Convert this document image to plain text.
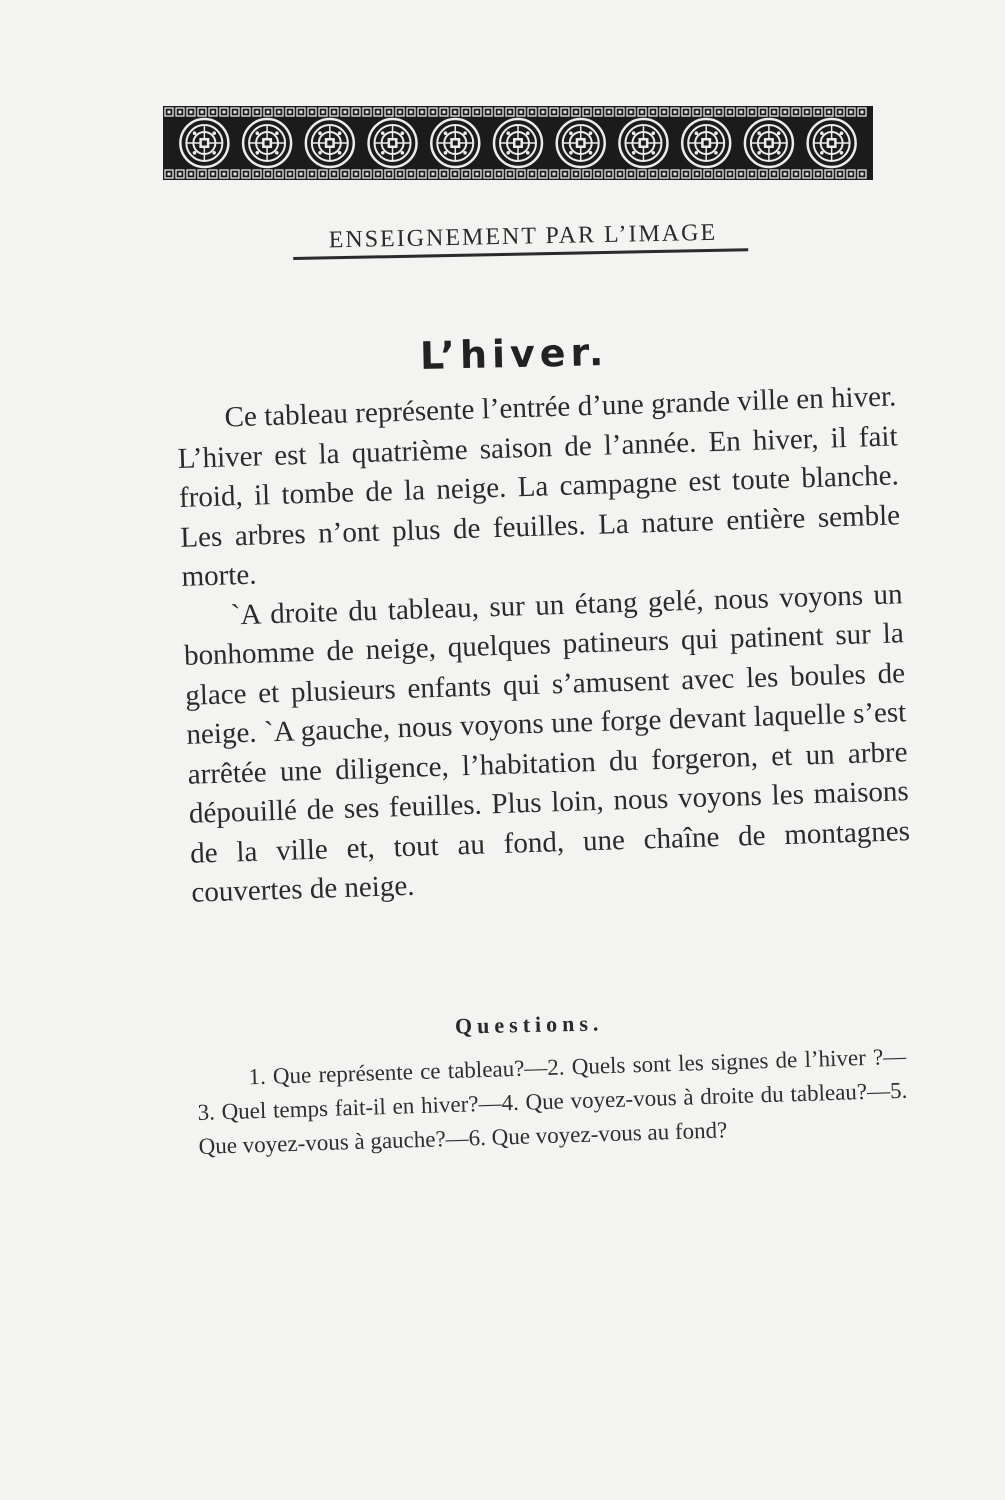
ENSEIGNEMENT PAR L’IMAGE
L’hiver.

Ce tableau représente l’entrée d’une grande ville en hiver. L’hiver est la quatrième saison de l’année. En hiver, il fait froid, il tombe de la neige. La campagne est toute blanche. Les arbres n’ont plus de feuilles. La nature entière semble morte.

`A droite du tableau, sur un étang gelé, nous voyons un bonhomme de neige, quelques patineurs qui patinent sur la glace et plusieurs enfants qui s’amusent avec les boules de neige. `A gauche, nous voyons une forge devant laquelle s’est arrêtée une diligence, l’habitation du forgeron, et un arbre dépouillé de ses feuilles. Plus loin, nous voyons les maisons de la ville et, tout au fond, une chaîne de montagnes couvertes de neige.

Questions.
1. Que représente ce tableau?—2. Quels sont les signes de l’hiver ?— 3. Quel temps fait-il en hiver?—4. Que voyez-vous à droite du tableau?—5. Que voyez-vous à gauche?—6. Que voyez-vous au fond?
